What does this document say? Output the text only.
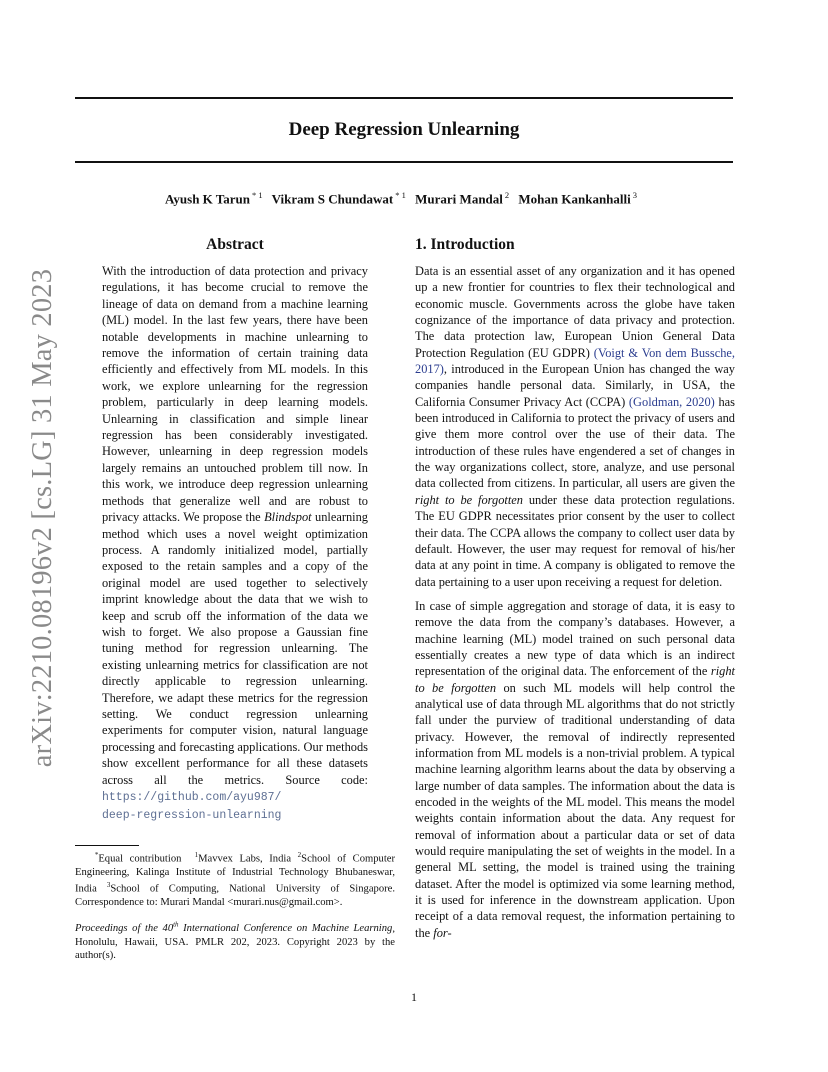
arXiv:2210.08196v2 [cs.LG] 31 May 2023
Deep Regression Unlearning
Ayush K Tarun $^{* 1}$ Vikram S Chundawat $^{* 1}$ Murari Mandal $^2$ Mohan Kankanhalli $^3$
Abstract
With the introduction of data protection and privacy regulations, it has become crucial to remove the lineage of data on demand from a machine learning (ML) model. In the last few years, there have been notable developments in machine unlearning to remove the information of certain training data efficiently and effectively from ML models. In this work, we explore unlearning for the regression problem, particularly in deep learning models. Unlearning in classification and simple linear regression has been considerably investigated. However, unlearning in deep regression models largely remains an untouched problem till now. In this work, we introduce deep regression unlearning methods that generalize well and are robust to privacy attacks. We propose the Blindspot unlearning method which uses a novel weight optimization process. A randomly initialized model, partially exposed to the retain samples and a copy of the original model are used together to selectively imprint knowledge about the data that we wish to keep and scrub off the information of the data we wish to forget. We also propose a Gaussian fine tuning method for regression unlearning. The existing unlearning metrics for classification are not directly applicable to regression unlearning. Therefore, we adapt these metrics for the regression setting. We conduct regression unlearning experiments for computer vision, natural language processing and forecasting applications. Our methods show excellent performance for all these datasets across all the metrics. Source code: https://github.com/ayu987/
deep-regression-unlearning

*Equal contribution $^1$Mavvex Labs, India $^2$School of Computer Engineering, Kalinga Institute of Industrial Technology Bhubaneswar, India $^3$School of Computing, National University of Singapore. Correspondence to: Murari Mandal <murari.nus@gmail.com>.

Proceedings of the 40th International Conference on Machine Learning, Honolulu, Hawaii, USA. PMLR 202, 2023. Copyright 2023 by the author(s).

1. Introduction

Data is an essential asset of any organization and it has opened up a new frontier for countries to flex their technological and economic muscle. Governments across the globe have taken cognizance of the importance of data privacy and protection. The data protection law, European Union General Data Protection Regulation (EU GDPR) (Voigt & Von dem Bussche, 2017), introduced in the European Union has changed the way companies handle personal data. Similarly, in USA, the California Consumer Privacy Act (CCPA) (Goldman, 2020) has been introduced in California to protect the privacy of users and give them more control over the use of their data. The introduction of these rules have engendered a set of changes in the way organizations collect, store, analyze, and use personal data collected from citizens. In particular, all users are given the right to be forgotten under these data protection regulations. The EU GDPR necessitates prior consent by the user to collect their data. The CCPA allows the company to collect user data by default. However, the user may request for removal of his/her data at any point in time. A company is obligated to remove the data pertaining to a user upon receiving a request for deletion.

In case of simple aggregation and storage of data, it is easy to remove the data from the company’s databases. However, a machine learning (ML) model trained on such personal data essentially creates a new type of data which is an indirect representation of the original data. The enforcement of the right to be forgotten on such ML models will help control the analytical use of data through ML algorithms that do not strictly fall under the purview of traditional understanding of data privacy. However, the removal of indirectly represented information from ML models is a non-trivial problem. A typical machine learning algorithm learns about the data by observing a large number of data samples. The information about the data is encoded in the weights of the ML model. This means the model weights contain information about the data. Any request for removal of information about a particular data or set of data would require manipulating the set of weights in the model. In a general ML setting, the model is trained using the training dataset. After the model is optimized via some learning method, it is used for inference in the downstream application. Upon receipt of a data removal request, the information pertaining to the for-

1
